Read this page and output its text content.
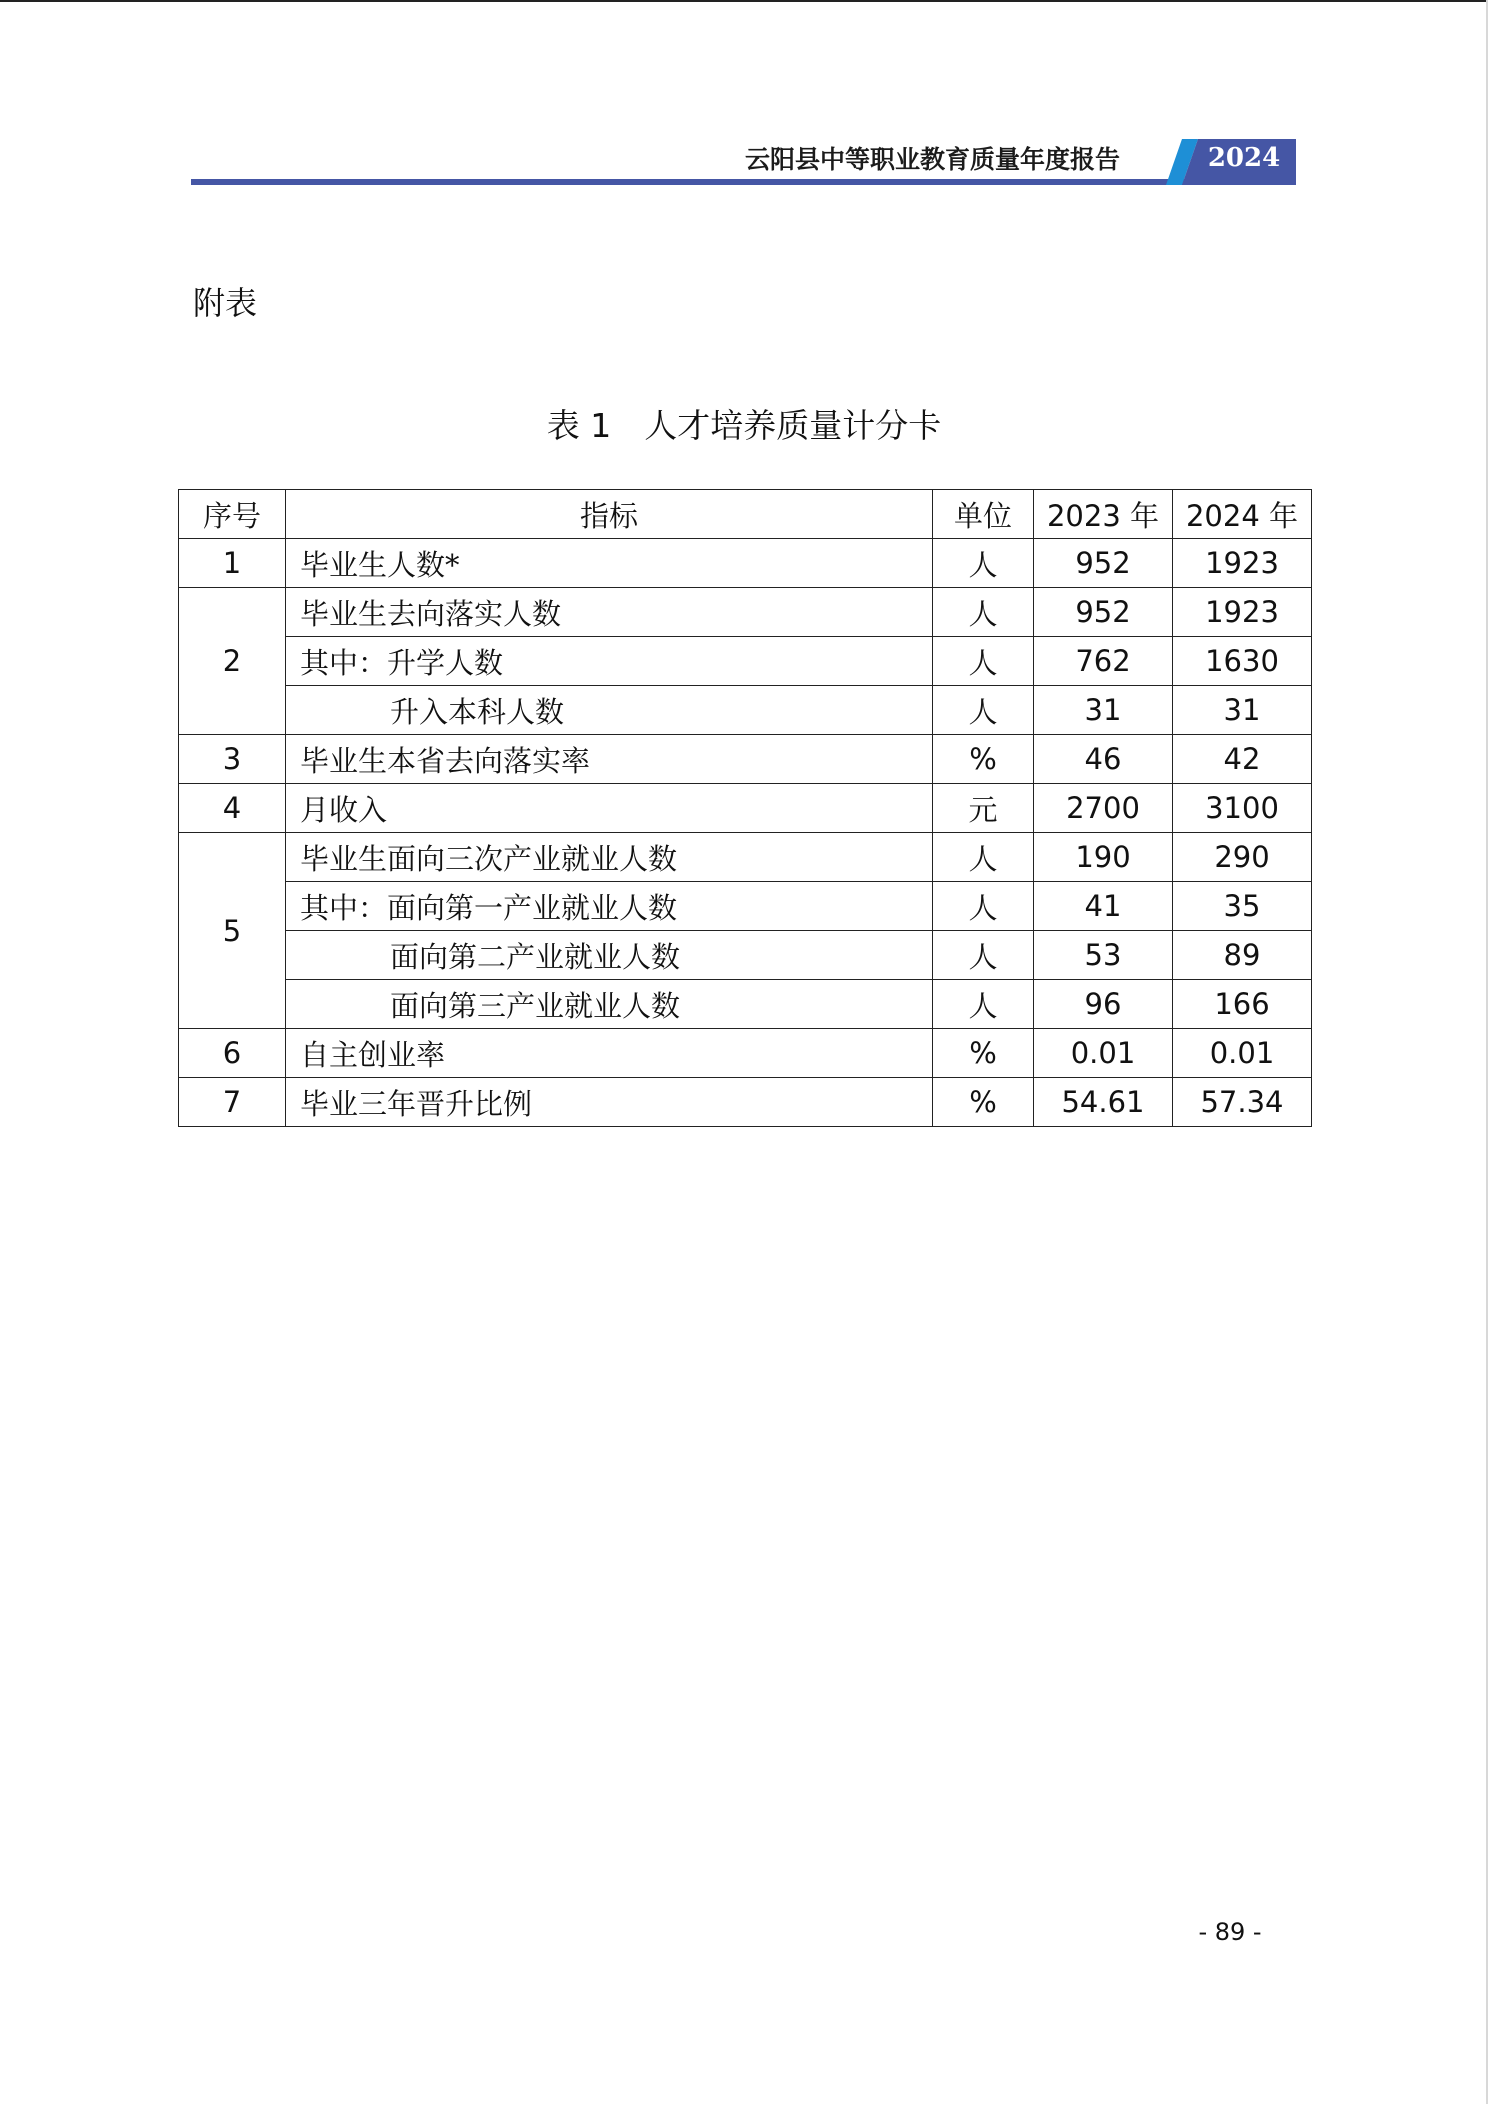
云阳县中等职业教育质量年度报告	2024
附表
表 1　人才培养质量计分卡
序号	指标	单位	2023 年	2024 年
1	毕业生人数*	人	952	1923
2	毕业生去向落实人数	人	952	1923
	其中：升学人数	人	762	1630
	升入本科人数	人	31	31
3	毕业生本省去向落实率	%	46	42
4	月收入	元	2700	3100
5	毕业生面向三次产业就业人数	人	190	290
	其中：面向第一产业就业人数	人	41	35
	面向第二产业就业人数	人	53	89
	面向第三产业就业人数	人	96	166
6	自主创业率	%	0.01	0.01
7	毕业三年晋升比例	%	54.61	57.34
- 89 -
